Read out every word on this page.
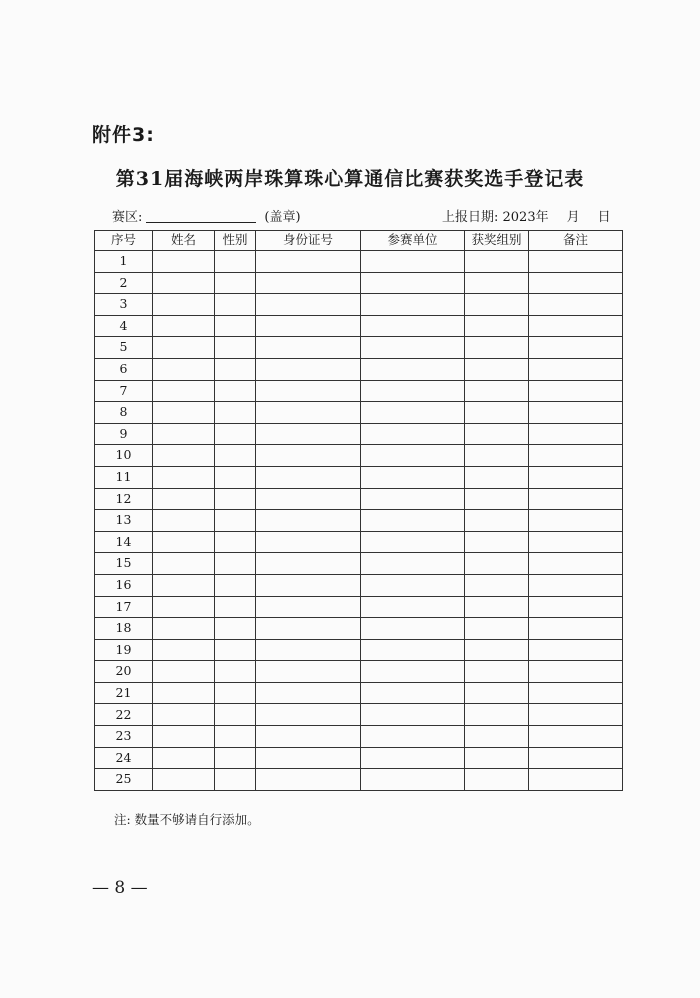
附件3:
第31届海峡两岸珠算珠心算通信比赛获奖选手登记表
赛区:	(盖章)	上报日期: 2023年 月 日
序号	姓名	性别	身份证号	参赛单位	获奖组别	备注
1						
2						
3						
4						
5						
6						
7						
8						
9						
10						
11						
12						
13						
14						
15						
16						
17						
18						
19						
20						
21						
22						
23						
24						
25						
注: 数量不够请自行添加。
— 8 —
